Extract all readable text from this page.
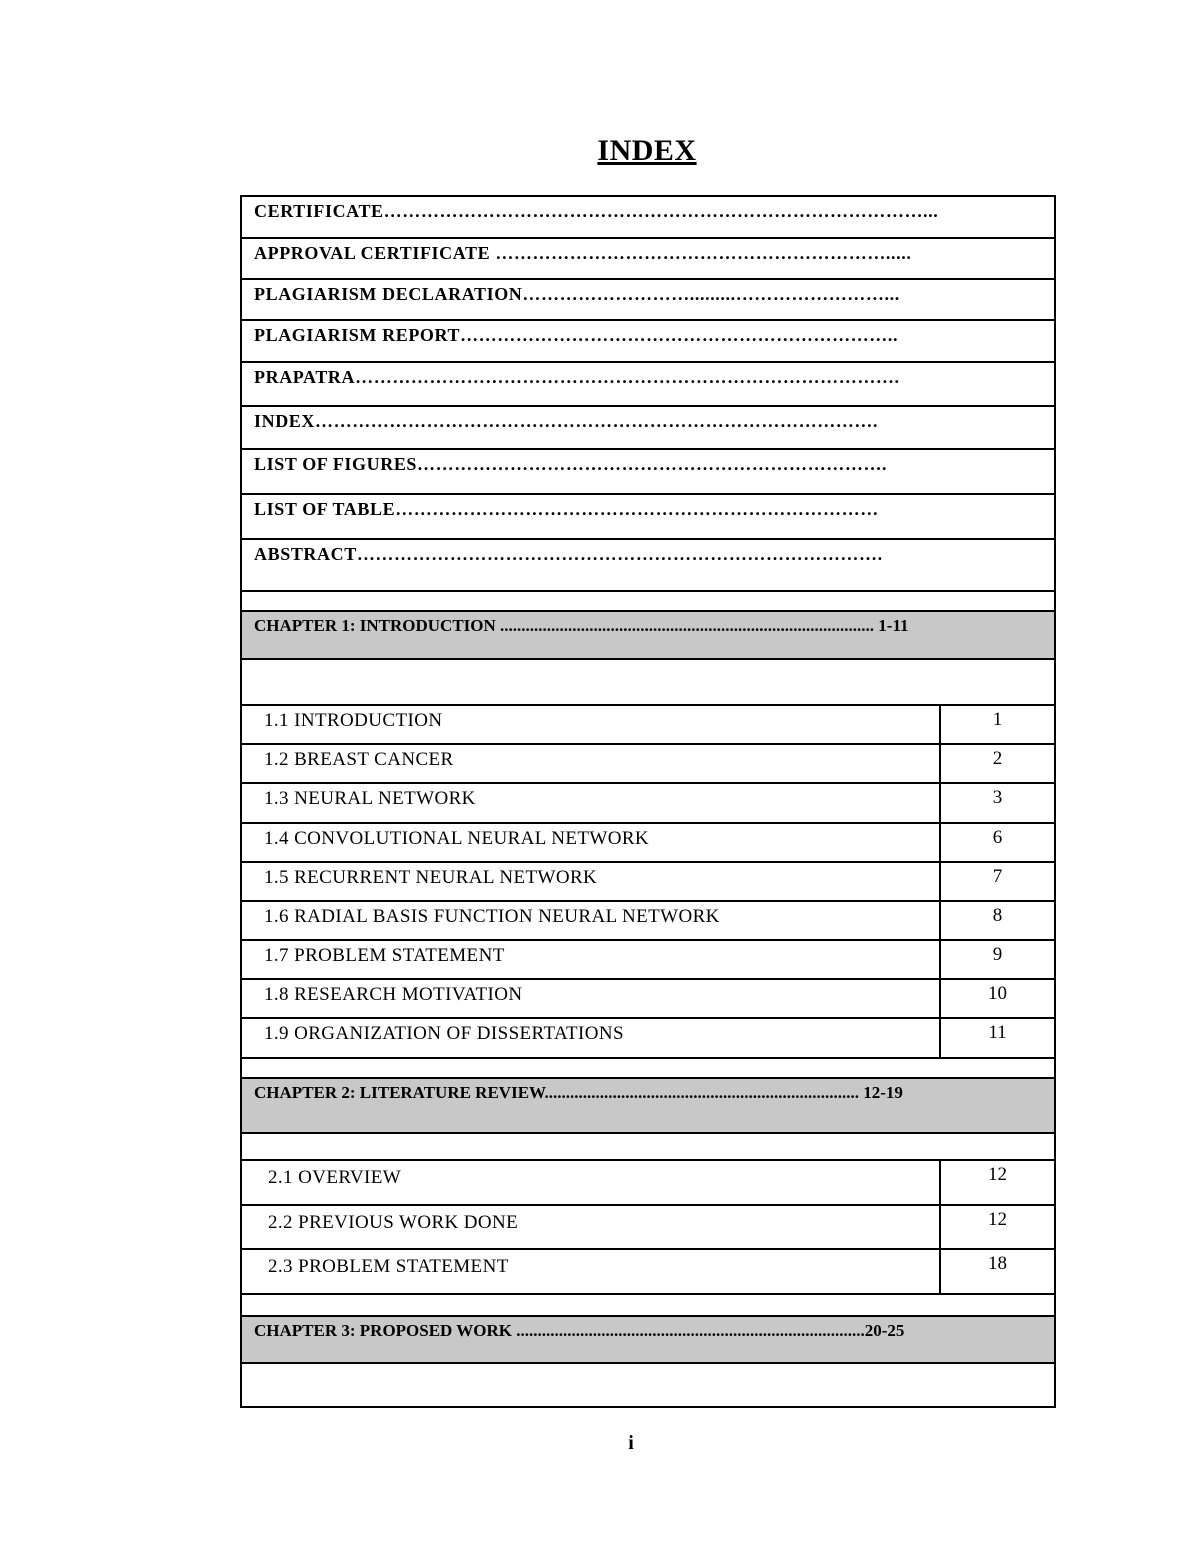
INDEX
CERTIFICATE……………………………………………………………………………...
APPROVAL CERTIFICATE ……………………………………………………….....
PLAGIARISM DECLARATION……………………….........……………………...
PLAGIARISM REPORT……………………………………………………………..
PRAPATRA…………………………………………………………………………….
INDEX……………………………………………………………………………….
LIST OF FIGURES………………………………………………………………….
LIST OF TABLE……………………………………………………………………
ABSTRACT………………………………………………………………………….
CHAPTER 1: INTRODUCTION ........................................................................................ 1-11
1.1 INTRODUCTION	1
1.2 BREAST CANCER	2
1.3 NEURAL NETWORK	3
1.4 CONVOLUTIONAL NEURAL NETWORK	6
1.5 RECURRENT NEURAL NETWORK	7
1.6 RADIAL BASIS FUNCTION NEURAL NETWORK	8
1.7 PROBLEM STATEMENT	9
1.8 RESEARCH MOTIVATION	10
1.9 ORGANIZATION OF DISSERTATIONS	11
CHAPTER 2: LITERATURE REVIEW.......................................................................... 12-19
2.1 OVERVIEW	12
2.2 PREVIOUS WORK DONE	12
2.3 PROBLEM STATEMENT	18
CHAPTER 3: PROPOSED WORK ..................................................................................20-25
i
